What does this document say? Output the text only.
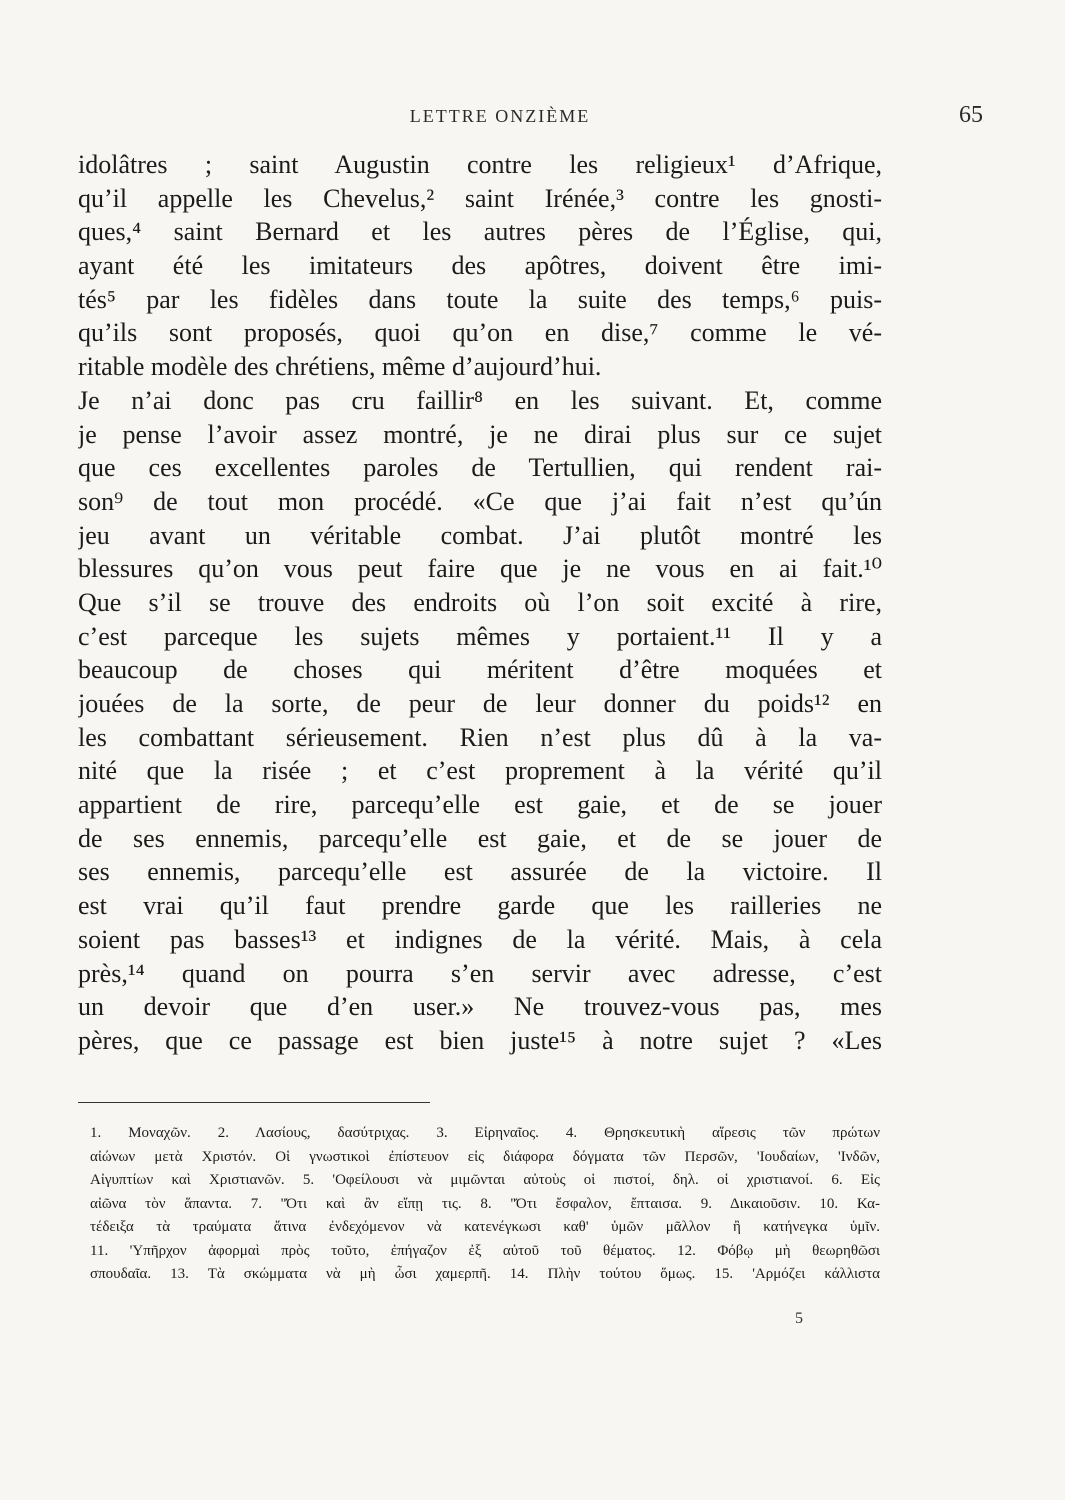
LETTRE ONZIÈME	65
idolâtres ; saint Augustin contre les religieux¹ d’Afrique,
qu’il appelle les Chevelus,² saint Irénée,³ contre les gnosti-
ques,⁴ saint Bernard et les autres pères de l’Église, qui,
ayant été les imitateurs des apôtres, doivent être imi-
tés⁵ par les fidèles dans toute la suite des temps,⁶ puis-
qu’ils sont proposés, quoi qu’on en dise,⁷ comme le vé-
ritable modèle des chrétiens, même d’aujourd’hui.
Je n’ai donc pas cru faillir⁸ en les suivant. Et, comme
je pense l’avoir assez montré, je ne dirai plus sur ce sujet
que ces excellentes paroles de Tertullien, qui rendent rai-
son⁹ de tout mon procédé. «Ce que j’ai fait n’est qu’ún
jeu avant un véritable combat. J’ai plutôt montré les
blessures qu’on vous peut faire que je ne vous en ai fait.¹⁰
Que s’il se trouve des endroits où l’on soit excité à rire,
c’est parceque les sujets mêmes y portaient.¹¹ Il y a
beaucoup de choses qui méritent d’être moquées et
jouées de la sorte, de peur de leur donner du poids¹² en
les combattant sérieusement. Rien n’est plus dû à la va-
nité que la risée ; et c’est proprement à la vérité qu’il
appartient de rire, parcequ’elle est gaie, et de se jouer
de ses ennemis, parcequ’elle est gaie, et de se jouer de
ses ennemis, parcequ’elle est assurée de la victoire. Il
est vrai qu’il faut prendre garde que les railleries ne
soient pas basses¹³ et indignes de la vérité. Mais, à cela
près,¹⁴ quand on pourra s’en servir avec adresse, c’est
un devoir que d’en user.» Ne trouvez-vous pas, mes
pères, que ce passage est bien juste¹⁵ à notre sujet ? «Les
1. Μοναχῶν. 2. Λασίους, δασύτριχας. 3. Εἰρηναῖος. 4. Θρησκευτικὴ αἵρεσις τῶν πρώτων
αἰώνων μετὰ Χριστόν. Οἱ γνωστικοὶ ἐπίστευον εἰς διάφορα δόγματα τῶν Περσῶν, 'Ιουδαίων, 'Ινδῶν,
Αἰγυπτίων καὶ Χριστιανῶν. 5. 'Οφείλουσι νὰ μιμῶνται αὐτοὺς οἱ πιστοί, δηλ. οἱ χριστιανοί. 6. Εἰς
αἰῶνα τὸν ἅπαντα. 7. ''Ότι καὶ ἂν εἴπῃ τις. 8. ''Ότι ἔσφαλον, ἔπταισα. 9. Δικαιοῦσιν. 10. Κα-
τέδειξα τὰ τραύματα ἅτινα ἐνδεχόμενον νὰ κατενέγκωσι καθ' ὑμῶν μᾶλλον ἢ κατήνεγκα ὑμῖν.
11. 'Υπῆρχον ἀφορμαὶ πρὸς τοῦτο, ἐπήγαζον ἐξ αὐτοῦ τοῦ θέματος. 12. Φόβῳ μὴ θεωρηθῶσι
σπουδαῖα. 13. Τὰ σκώμματα νὰ μὴ ὦσι χαμερπῆ. 14. Πλὴν τούτου ὅμως. 15. 'Αρμόζει κάλλιστα
5
